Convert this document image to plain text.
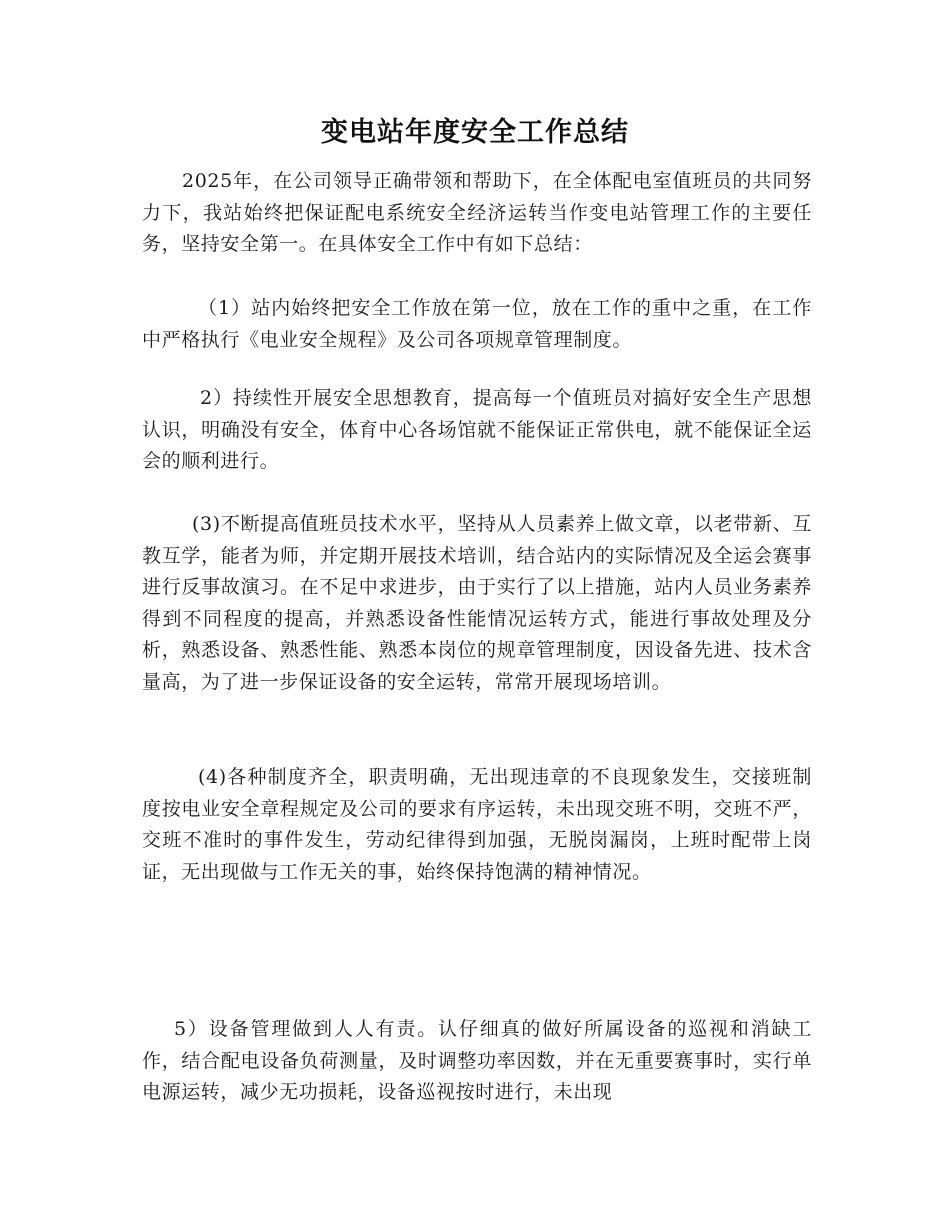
变电站年度安全工作总结

2025年，在公司领导正确带领和帮助下，在全体配电室值班员的共同努力下，我站始终把保证配电系统安全经济运转当作变电站管理工作的主要任务，坚持安全第一。在具体安全工作中有如下总结：

（1）站内始终把安全工作放在第一位，放在工作的重中之重，在工作中严格执行《电业安全规程》及公司各项规章管理制度。

2）持续性开展安全思想教育，提高每一个值班员对搞好安全生产思想认识，明确没有安全，体育中心各场馆就不能保证正常供电，就不能保证全运会的顺利进行。

(3)不断提高值班员技术水平，坚持从人员素养上做文章，以老带新、互教互学，能者为师，并定期开展技术培训，结合站内的实际情况及全运会赛事进行反事故演习。在不足中求进步，由于实行了以上措施，站内人员业务素养得到不同程度的提高，并熟悉设备性能情况运转方式，能进行事故处理及分析，熟悉设备、熟悉性能、熟悉本岗位的规章管理制度，因设备先进、技术含量高，为了进一步保证设备的安全运转，常常开展现场培训。

(4)各种制度齐全，职责明确，无出现违章的不良现象发生，交接班制度按电业安全章程规定及公司的要求有序运转，未出现交班不明，交班不严，交班不准时的事件发生，劳动纪律得到加强，无脱岗漏岗，上班时配带上岗证，无出现做与工作无关的事，始终保持饱满的精神情况。

5）设备管理做到人人有责。认仔细真的做好所属设备的巡视和消缺工作，结合配电设备负荷测量，及时调整功率因数，并在无重要赛事时，实行单电源运转，减少无功损耗，设备巡视按时进行，未出现
